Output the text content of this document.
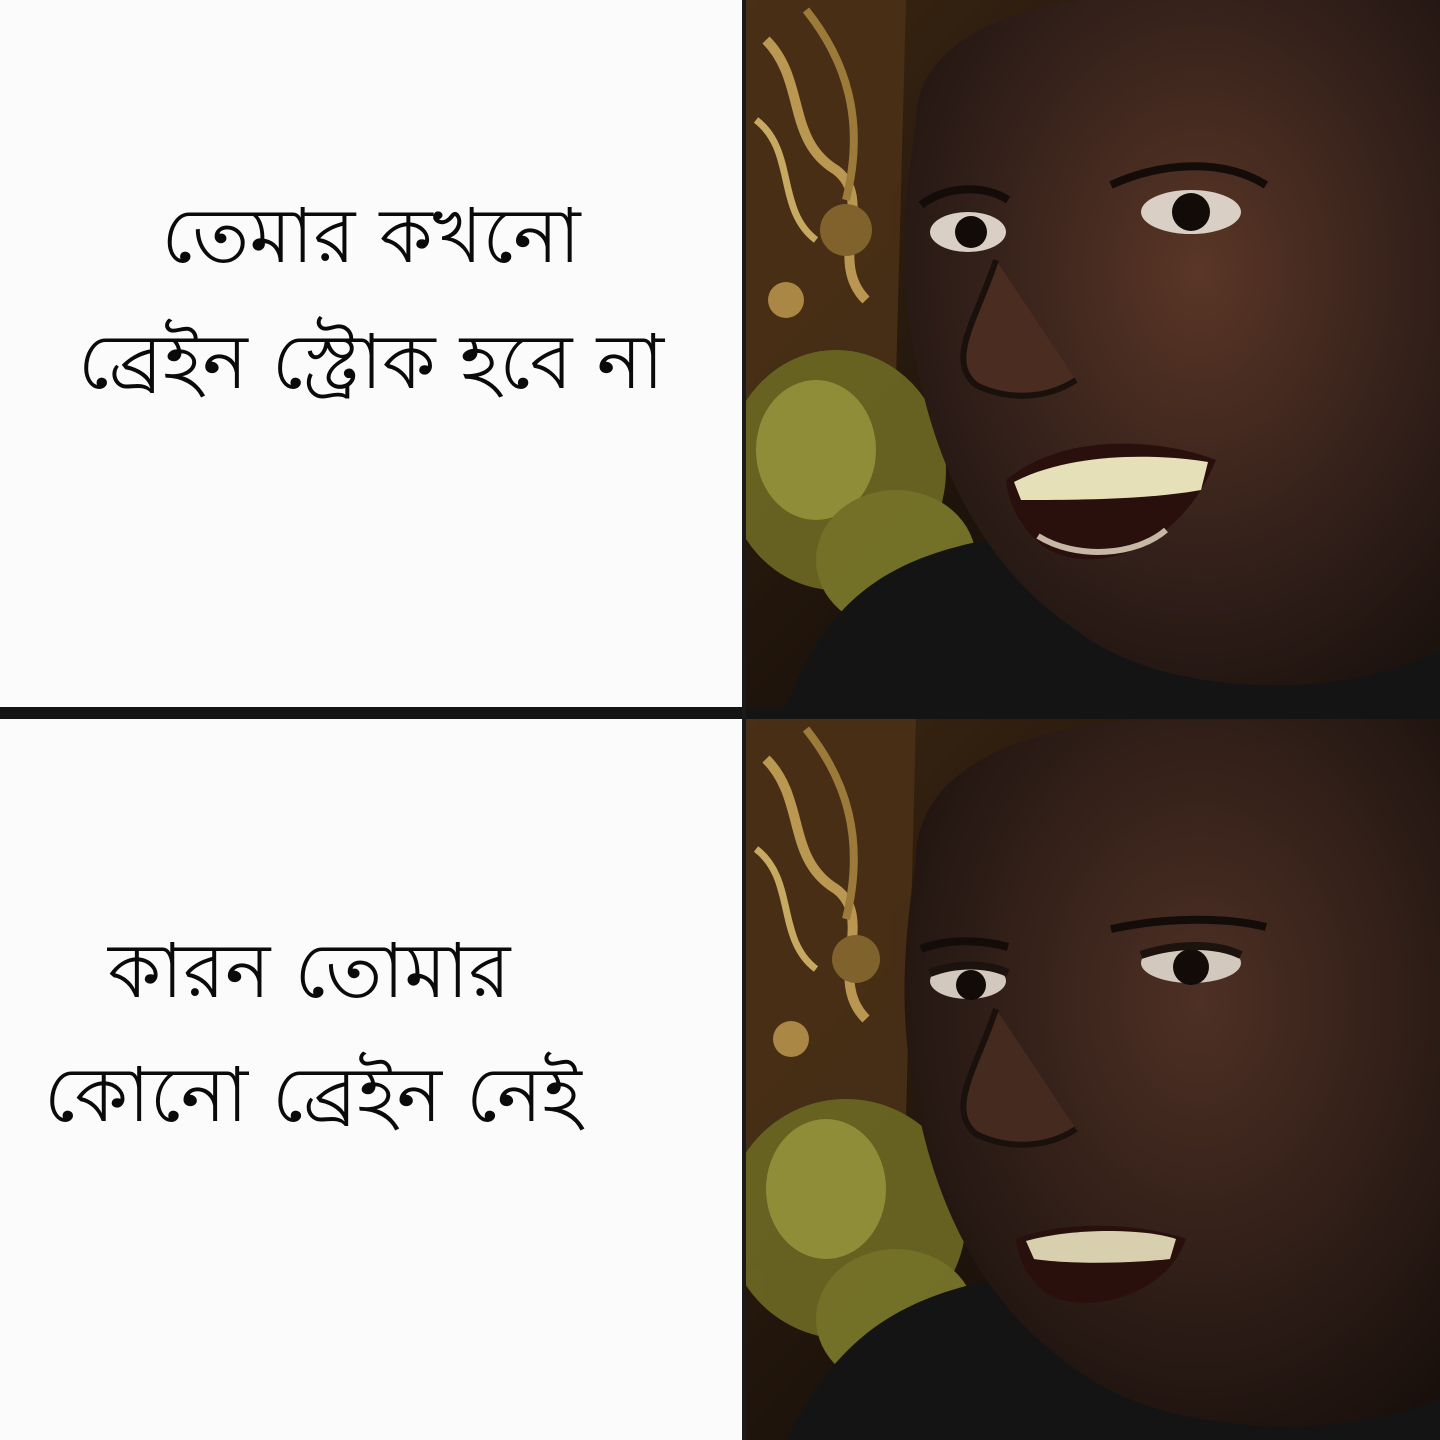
তেমার কখনো
ব্রেইন স্ট্রোক হবে না
কারন তোমার
কোনো ব্রেইন নেই
